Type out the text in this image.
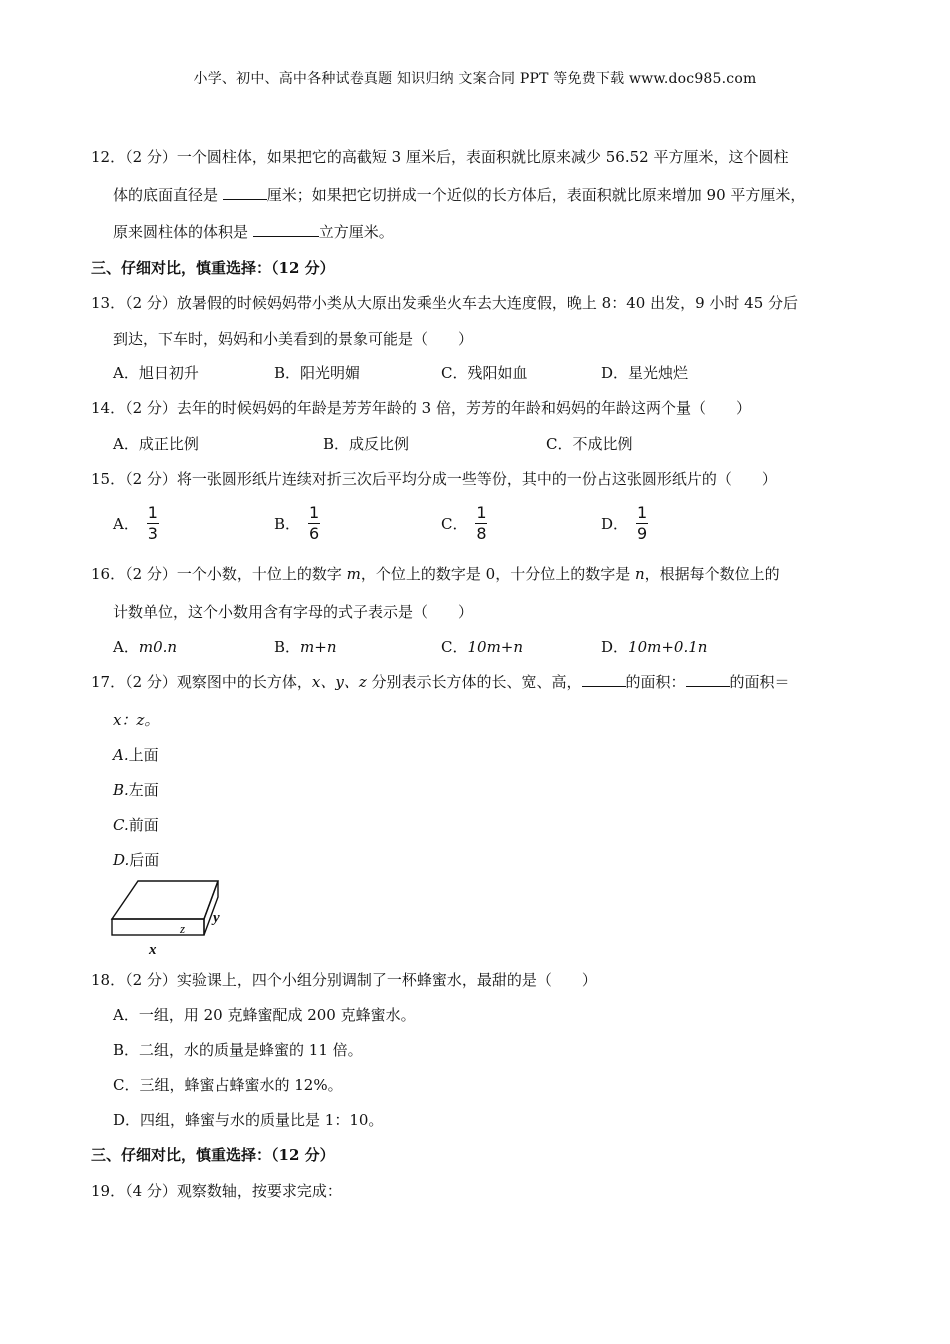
小学、初中、高中各种试卷真题 知识归纳 文案合同 PPT 等免费下载 www.doc985.com
12．（2 分）一个圆柱体，如果把它的高截短 3 厘米后，表面积就比原来减少 56.52 平方厘米，这个圆柱
体的底面直径是	厘米；如果把它切拼成一个近似的长方体后，表面积就比原来增加 90 平方厘米，
原来圆柱体的体积是	立方厘米。
三、仔细对比，慎重选择：（12 分）
13．（2 分）放暑假的时候妈妈带小类从大原出发乘坐火车去大连度假，晚上 8：40 出发，9 小时 45 分后
到达，下车时，妈妈和小美看到的景象可能是（　　）
A．旭日初升	B．阳光明媚	C．残阳如血	D．星光烛烂
14．（2 分）去年的时候妈妈的年龄是芳芳年龄的 3 倍，芳芳的年龄和妈妈的年龄这两个量（　　）
A．成正比例	B．成反比例	C．不成比例
15．（2 分）将一张圆形纸片连续对折三次后平均分成一些等份，其中的一份占这张圆形纸片的（　　）
A． $\frac{1}{3}$	B． $\frac{1}{6}$	C． $\frac{1}{8}$	D． $\frac{1}{9}$
16．（2 分）一个小数，十位上的数字 m，个位上的数字是 0，十分位上的数字是 n，根据每个数位上的
计数单位，这个小数用含有字母的式子表示是（　　）
A．m0.n	B．m+n	C．10m+n	D．10m+0.1n
17．（2 分）观察图中的长方体，x、y、z 分别表示长方体的长、宽、高，	的面积：	的面积＝
x：z。
A.上面
B.左面
C.前面
D.后面
y
z
x
18．（2 分）实验课上，四个小组分别调制了一杯蜂蜜水，最甜的是（　　）
A．一组，用 20 克蜂蜜配成 200 克蜂蜜水。
B．二组，水的质量是蜂蜜的 11 倍。
C．三组，蜂蜜占蜂蜜水的 12%。
D．四组，蜂蜜与水的质量比是 1：10。
三、仔细对比，慎重选择：（12 分）
19．（4 分）观察数轴，按要求完成：
